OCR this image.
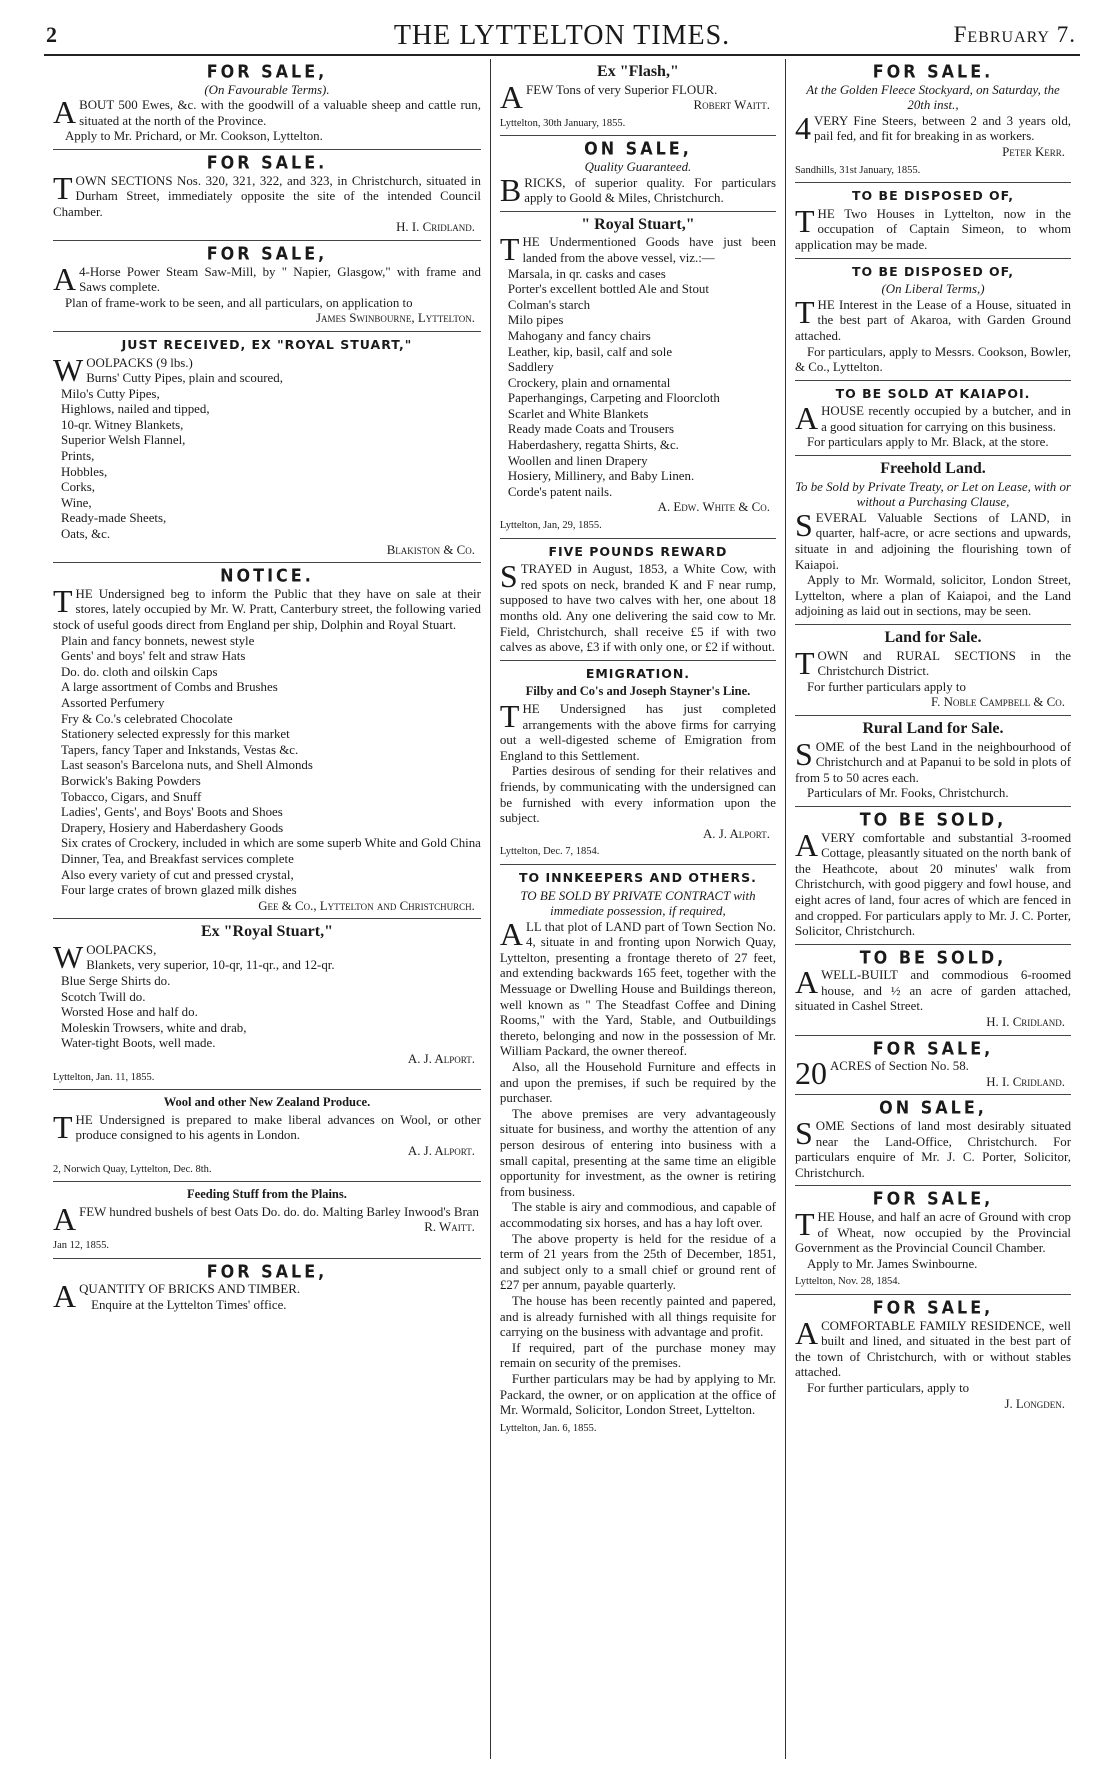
2	THE LYTTELTON TIMES.	February 7.
FOR SALE,
(On Favourable Terms).

ABOUT 500 Ewes, &c. with the goodwill of a valuable sheep and cattle run, situated at the north of the Province.

Apply to Mr. Prichard, or Mr. Cookson, Lyttelton.

FOR SALE.

TOWN SECTIONS Nos. 320, 321, 322, and 323, in Christchurch, situated in Durham Street, immediately opposite the site of the intended Council Chamber.

H. I. Cridland.
FOR SALE,

A 4-Horse Power Steam Saw-Mill, by " Napier, Glasgow," with frame and Saws complete.

Plan of frame-work to be seen, and all particulars, on application to

James Swinbourne, Lyttelton.
JUST RECEIVED, EX "ROYAL STUART,"

WOOLPACKS (9 lbs.)

Burns' Cutty Pipes, plain and scoured,
Milo's Cutty Pipes,
Highlows, nailed and tipped,
10-qr. Witney Blankets,
Superior Welsh Flannel,
Prints,
Hobbles,
Corks,
Wine,
Ready-made Sheets,
Oats, &c.
Blakiston & Co.
NOTICE.

THE Undersigned beg to inform the Public that they have on sale at their stores, lately occupied by Mr. W. Pratt, Canterbury street, the following varied stock of useful goods direct from England per ship, Dolphin and Royal Stuart.

Plain and fancy bonnets, newest style
Gents' and boys' felt and straw Hats
Do. do. cloth and oilskin Caps
A large assortment of Combs and Brushes
Assorted Perfumery
Fry & Co.'s celebrated Chocolate
Stationery selected expressly for this market
Tapers, fancy Taper and Inkstands, Vestas &c.
Last season's Barcelona nuts, and Shell Almonds
Borwick's Baking Powders
Tobacco, Cigars, and Snuff
Ladies', Gents', and Boys' Boots and Shoes
Drapery, Hosiery and Haberdashery Goods
Six crates of Crockery, included in which are some superb White and Gold China
Dinner, Tea, and Breakfast services complete
Also every variety of cut and pressed crystal,
Four large crates of brown glazed milk dishes
Gee & Co., Lyttelton and Christchurch.
Ex "Royal Stuart,"

WOOLPACKS,

Blankets, very superior, 10-qr, 11-qr., and 12-qr.
Blue Serge Shirts do.
Scotch Twill do.
Worsted Hose and half do.
Moleskin Trowsers, white and drab,
Water-tight Boots, well made.
A. J. Alport.
Lyttelton, Jan. 11, 1855.
Wool and other New Zealand Produce.

THE Undersigned is prepared to make liberal advances on Wool, or other produce consigned to his agents in London.

A. J. Alport.
2, Norwich Quay, Lyttelton, Dec. 8th.
Feeding Stuff from the Plains.

AFEW hundred bushels of best Oats Do. do. do. Malting Barley Inwood's Bran

R. Waitt.
Jan 12, 1855.
FOR SALE,

AQUANTITY OF BRICKS AND TIMBER.

Enquire at the Lyttelton Times' office.

Ex "Flash,"

AFEW Tons of very Superior FLOUR.

Robert Waitt.
Lyttelton, 30th January, 1855.
ON SALE,
Quality Guaranteed.

BRICKS, of superior quality. For particulars apply to Goold & Miles, Christchurch.

" Royal Stuart,"

THE Undermentioned Goods have just been landed from the above vessel, viz.:—

Marsala, in qr. casks and cases
Porter's excellent bottled Ale and Stout
Colman's starch
Milo pipes
Mahogany and fancy chairs
Leather, kip, basil, calf and sole
Saddlery
Crockery, plain and ornamental
Paperhangings, Carpeting and Floorcloth
Scarlet and White Blankets
Ready made Coats and Trousers
Haberdashery, regatta Shirts, &c.
Woollen and linen Drapery
Hosiery, Millinery, and Baby Linen.
Corde's patent nails.
A. Edw. White & Co.
Lyttelton, Jan, 29, 1855.
FIVE POUNDS REWARD

STRAYED in August, 1853, a White Cow, with red spots on neck, branded K and F near rump, supposed to have two calves with her, one about 18 months old. Any one delivering the said cow to Mr. Field, Christchurch, shall receive £5 if with two calves as above, £3 if with only one, or £2 if without.

EMIGRATION.
Filby and Co's and Joseph Stayner's Line.

THE Undersigned has just completed arrangements with the above firms for carrying out a well-digested scheme of Emigration from England to this Settlement.

Parties desirous of sending for their relatives and friends, by communicating with the undersigned can be furnished with every information upon the subject.

A. J. Alport.
Lyttelton, Dec. 7, 1854.
TO INNKEEPERS AND OTHERS.
TO BE SOLD BY PRIVATE CONTRACT with immediate possession, if required,

ALL that plot of LAND part of Town Section No. 4, situate in and fronting upon Norwich Quay, Lyttelton, presenting a frontage thereto of 27 feet, and extending backwards 165 feet, together with the Messuage or Dwelling House and Buildings thereon, well known as " The Steadfast Coffee and Dining Rooms," with the Yard, Stable, and Outbuildings thereto, belonging and now in the possession of Mr. William Packard, the owner thereof.

Also, all the Household Furniture and effects in and upon the premises, if such be required by the purchaser.

The above premises are very advantageously situate for business, and worthy the attention of any person desirous of entering into business with a small capital, presenting at the same time an eligible opportunity for investment, as the owner is retiring from business.

The stable is airy and commodious, and capable of accommodating six horses, and has a hay loft over.

The above property is held for the residue of a term of 21 years from the 25th of December, 1851, and subject only to a small chief or ground rent of £27 per annum, payable quarterly.

The house has been recently painted and papered, and is already furnished with all things requisite for carrying on the business with advantage and profit.

If required, part of the purchase money may remain on security of the premises.

Further particulars may be had by applying to Mr. Packard, the owner, or on application at the office of Mr. Wormald, Solicitor, London Street, Lyttelton.

Lyttelton, Jan. 6, 1855.
FOR SALE.
At the Golden Fleece Stockyard, on Saturday, the 20th inst.,

4 VERY Fine Steers, between 2 and 3 years old, pail fed, and fit for breaking in as workers.

Peter Kerr.
Sandhills, 31st January, 1855.
TO BE DISPOSED OF,

THE Two Houses in Lyttelton, now in the occupation of Captain Simeon, to whom application may be made.

TO BE DISPOSED OF,
(On Liberal Terms,)

THE Interest in the Lease of a House, situated in the best part of Akaroa, with Garden Ground attached.

For particulars, apply to Messrs. Cookson, Bowler, & Co., Lyttelton.

TO BE SOLD AT KAIAPOI.

AHOUSE recently occupied by a butcher, and in a good situation for carrying on this business.

For particulars apply to Mr. Black, at the store.

Freehold Land.
To be Sold by Private Treaty, or Let on Lease, with or without a Purchasing Clause,

SEVERAL Valuable Sections of LAND, in quarter, half-acre, or acre sections and upwards, situate in and adjoining the flourishing town of Kaiapoi.

Apply to Mr. Wormald, solicitor, London Street, Lyttelton, where a plan of Kaiapoi, and the Land adjoining as laid out in sections, may be seen.

Land for Sale.

TOWN and RURAL SECTIONS in the Christchurch District.

For further particulars apply to

F. Noble Campbell & Co.
Rural Land for Sale.

SOME of the best Land in the neighbourhood of Christchurch and at Papanui to be sold in plots of from 5 to 50 acres each.

Particulars of Mr. Fooks, Christchurch.

TO BE SOLD,

AVERY comfortable and substantial 3-roomed Cottage, pleasantly situated on the north bank of the Heathcote, about 20 minutes' walk from Christchurch, with good piggery and fowl house, and eight acres of land, four acres of which are fenced in and cropped. For particulars apply to Mr. J. C. Porter, Solicitor, Christchurch.

TO BE SOLD,

AWELL-BUILT and commodious 6-roomed house, and ½ an acre of garden attached, situated in Cashel Street.

H. I. Cridland.
FOR SALE,

20 ACRES of Section No. 58.

H. I. Cridland.
ON SALE,

SOME Sections of land most desirably situated near the Land-Office, Christchurch. For particulars enquire of Mr. J. C. Porter, Solicitor, Christchurch.

FOR SALE,

THE House, and half an acre of Ground with crop of Wheat, now occupied by the Provincial Government as the Provincial Council Chamber.

Apply to Mr. James Swinbourne.

Lyttelton, Nov. 28, 1854.
FOR SALE,

ACOMFORTABLE FAMILY RESIDENCE, well built and lined, and situated in the best part of the town of Christchurch, with or without stables attached.

For further particulars, apply to

J. Longden.
